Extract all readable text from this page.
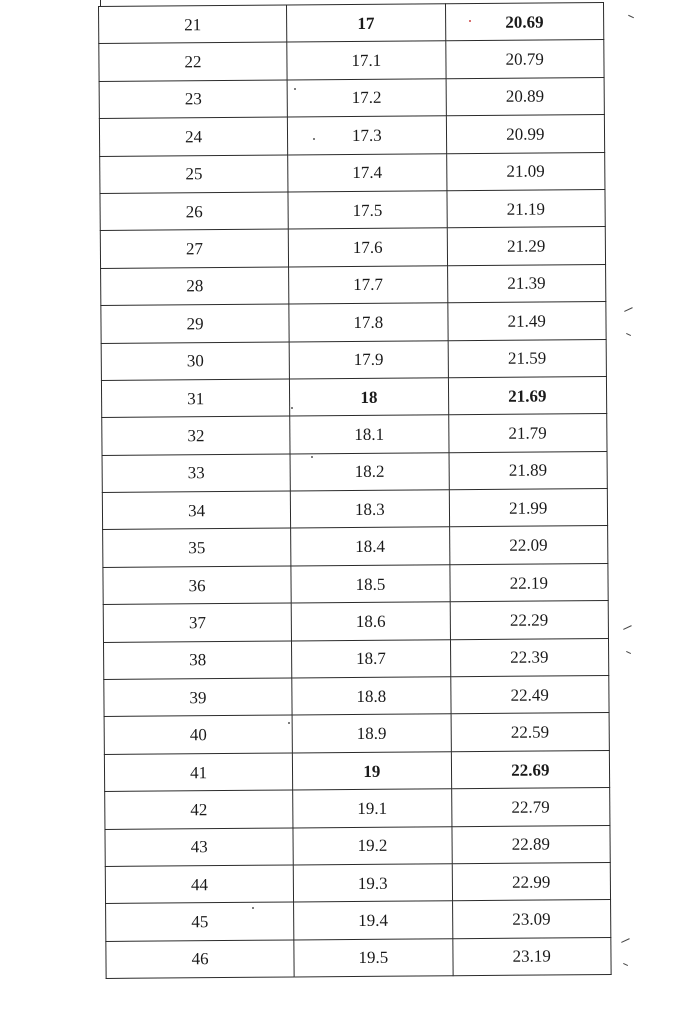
21	17	20.69
22	17.1	20.79
23	17.2	20.89
24	17.3	20.99
25	17.4	21.09
26	17.5	21.19
27	17.6	21.29
28	17.7	21.39
29	17.8	21.49
30	17.9	21.59
31	18	21.69
32	18.1	21.79
33	18.2	21.89
34	18.3	21.99
35	18.4	22.09
36	18.5	22.19
37	18.6	22.29
38	18.7	22.39
39	18.8	22.49
40	18.9	22.59
41	19	22.69
42	19.1	22.79
43	19.2	22.89
44	19.3	22.99
45	19.4	23.09
46	19.5	23.19
